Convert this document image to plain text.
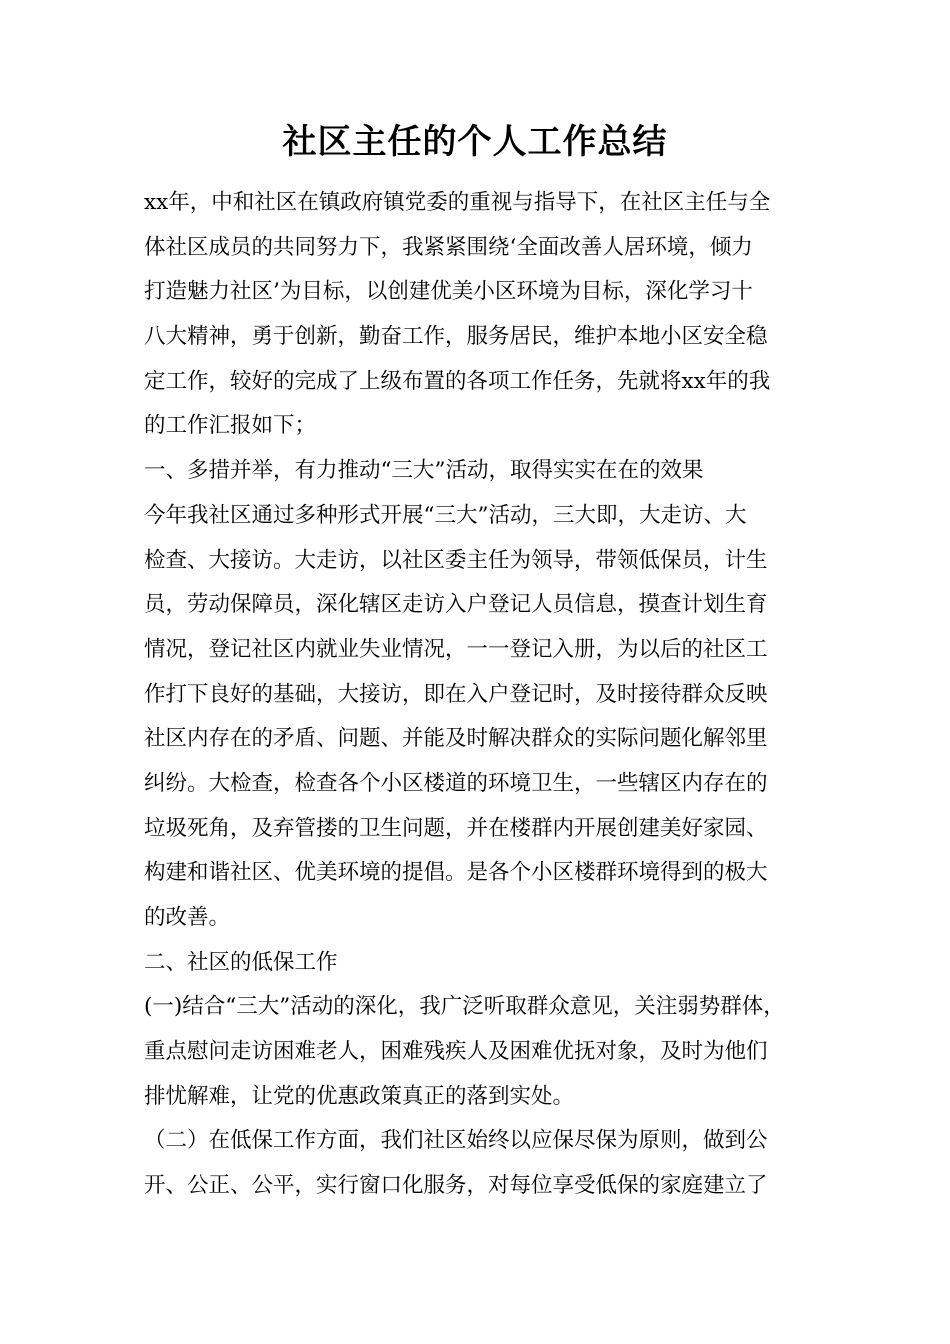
社区主任的个人工作总结

xx年，中和社区在镇政府镇党委的重视与指导下，在社区主任与全
体社区成员的共同努力下，我紧紧围绕‘全面改善人居环境，倾力
打造魅力社区’为目标，以创建优美小区环境为目标，深化学习十
八大精神，勇于创新，勤奋工作，服务居民，维护本地小区安全稳
定工作，较好的完成了上级布置的各项工作任务，先就将xx年的我
的工作汇报如下；

一、多措并举，有力推动“三大”活动，取得实实在在的效果

今年我社区通过多种形式开展“三大”活动，三大即，大走访、大
检查、大接访。大走访，以社区委主任为领导，带领低保员，计生
员，劳动保障员，深化辖区走访入户登记人员信息，摸查计划生育
情况，登记社区内就业失业情况，一一登记入册，为以后的社区工
作打下良好的基础，大接访，即在入户登记时，及时接待群众反映
社区内存在的矛盾、问题、并能及时解决群众的实际问题化解邻里
纠纷。大检查，检查各个小区楼道的环境卫生，一些辖区内存在的
垃圾死角，及弃管搂的卫生问题，并在楼群内开展创建美好家园、
构建和谐社区、优美环境的提倡。是各个小区楼群环境得到的极大
的改善。

二、社区的低保工作

(一)结合“三大”活动的深化，我广泛听取群众意见，关注弱势群体，
重点慰问走访困难老人，困难残疾人及困难优抚对象，及时为他们
排忧解难，让党的优惠政策真正的落到实处。

（二）在低保工作方面，我们社区始终以应保尽保为原则，做到公
开、公正、公平，实行窗口化服务，对每位享受低保的家庭建立了
